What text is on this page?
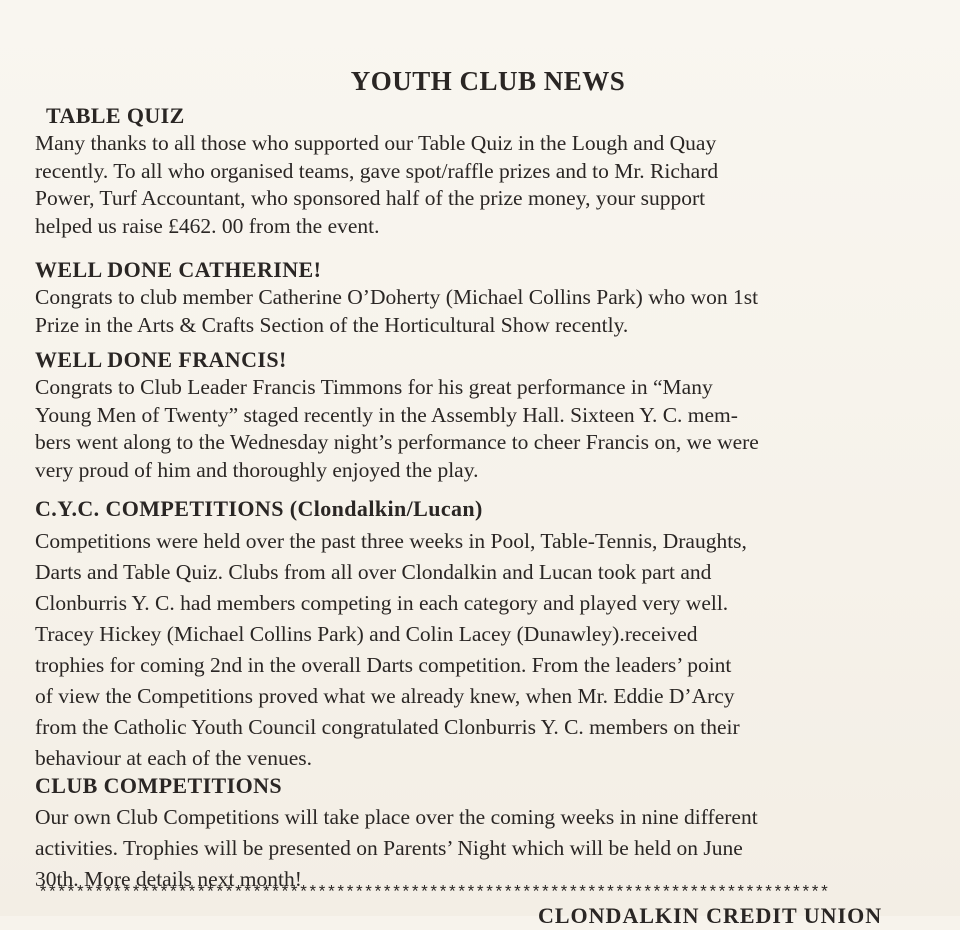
YOUTH CLUB NEWS
TABLE QUIZ

Many thanks to all those who supported our Table Quiz in the Lough and Quay
recently. To all who organised teams, gave spot/raffle prizes and to Mr. Richard
Power, Turf Accountant, who sponsored half of the prize money, your support
helped us raise £462. 00 from the event.

WELL DONE CATHERINE!

Congrats to club member Catherine O’Doherty (Michael Collins Park) who won 1st
Prize in the Arts & Crafts Section of the Horticultural Show recently.

WELL DONE FRANCIS!

Congrats to Club Leader Francis Timmons for his great performance in “Many
Young Men of Twenty” staged recently in the Assembly Hall. Sixteen Y. C. mem-
bers went along to the Wednesday night’s performance to cheer Francis on, we were
very proud of him and thoroughly enjoyed the play.

C.Y.C. COMPETITIONS (Clondalkin/Lucan)

Competitions were held over the past three weeks in Pool, Table-Tennis, Draughts,
Darts and Table Quiz. Clubs from all over Clondalkin and Lucan took part and
Clonburris Y. C. had members competing in each category and played very well.
Tracey Hickey (Michael Collins Park) and Colin Lacey (Dunawley).received
trophies for coming 2nd in the overall Darts competition. From the leaders’ point
of view the Competitions proved what we already knew, when Mr. Eddie D’Arcy
from the Catholic Youth Council congratulated Clonburris Y. C. members on their
behaviour at each of the venues.

CLUB COMPETITIONS

Our own Club Competitions will take place over the coming weeks in nine different
activities. Trophies will be presented on Parents’ Night which will be held on June
30th. More details next month!

*************************************************************************************
CLONDALKIN CREDIT UNION
